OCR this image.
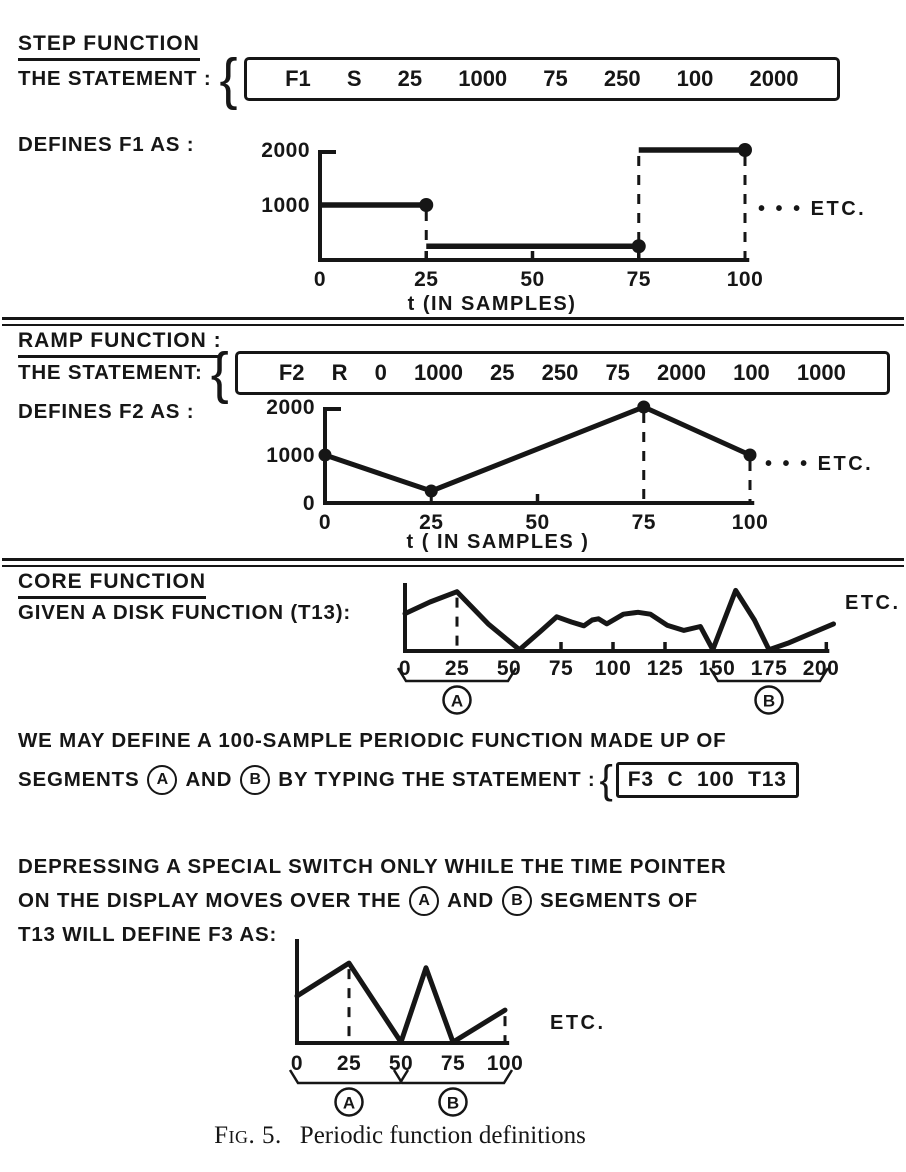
STEP FUNCTION
THE STATEMENT : {	F1 S 25 1000 75 250 100 2000
DEFINES F1 AS :
0	25	50	75	100
1000
2000
• • • ETC.
t (IN SAMPLES)
RAMP FUNCTION :
THE STATEMENT: {	F2 R 0 1000 25 250 75 2000 100 1000
DEFINES F2 AS :
0	25	50	75	100
0
1000
2000
• • • ETC.
t ( IN SAMPLES )
CORE FUNCTION
GIVEN A DISK FUNCTION (T13):
0 25 50 75 100 125 150 175 200
A	B
ETC.
WE MAY DEFINE A 100-SAMPLE PERIODIC FUNCTION MADE UP OF
SEGMENTS	A AND	B BY TYPING THE STATEMENT : { F3 C 100 T13
DEPRESSING A SPECIAL SWITCH ONLY WHILE THE TIME POINTER
ON THE DISPLAY MOVES OVER THE	A AND	B SEGMENTS OF
T13 WILL DEFINE F3 AS:
0 25 50 75 100
A	B
ETC.
Fig. 5. Periodic function definitions
